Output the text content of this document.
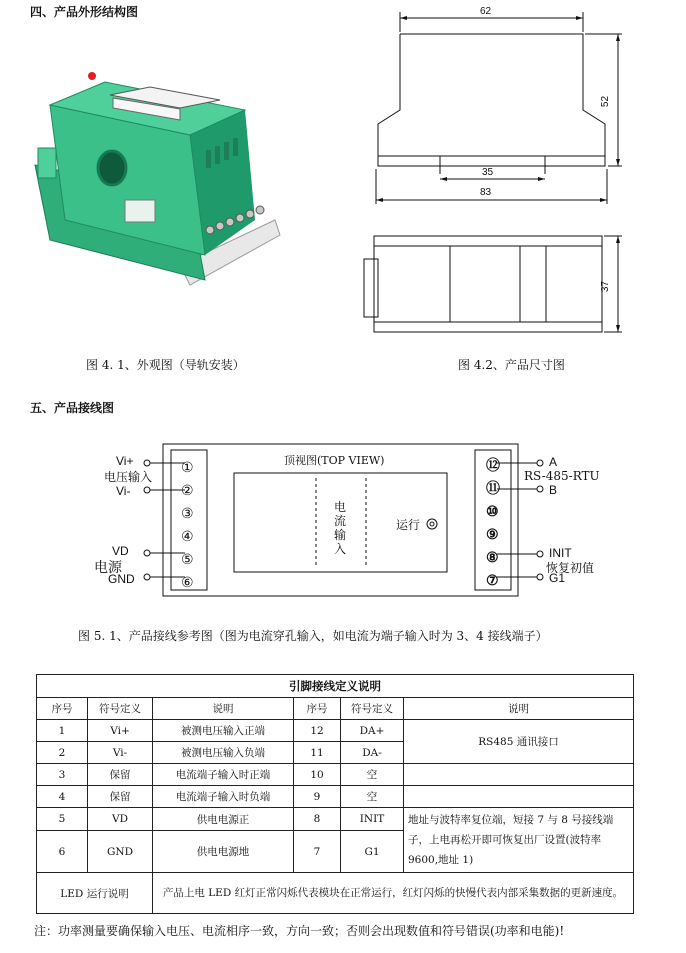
四、产品外形结构图
图 4. 1、外观图（导轨安装）
62
52
35
83
37
图 4.2、产品尺寸图
五、产品接线图
①
②
③
④
⑤
⑥
⑫
⑪
⑩
⑨
⑧
⑦
顶视图(TOP VIEW)
电流输入
运行
Vi+
电压输入
Vi-
VD
电源
GND
A
RS-485-RTU
B
INIT
恢复初值
G1
图 5. 1、产品接线参考图（图为电流穿孔输入，如电流为端子输入时为 3、4 接线端子）
引脚接线定义说明					
序号	符号定义	说明	序号	符号定义	说明
1	Vi+	被测电压输入正端	12	DA+	RS485 通讯接口
2	Vi-	被测电压输入负端	11	DA-	
3	保留	电流端子输入时正端	10	空	
4	保留	电流端子输入时负端	9	空	
5	VD	供电电源正	8	INIT	地址与波特率复位端，短接 7 与 8 号接线端子，上电再松开即可恢复出厂设置(波特率 9600,地址 1)
6	GND	供电电源地	7	G1	
LED 运行说明		产品上电 LED 红灯正常闪烁代表模块在正常运行，红灯闪烁的快慢代表内部采集数据的更新速度。			
注：功率测量要确保输入电压、电流相序一致，方向一致；否则会出现数值和符号错误(功率和电能)!
